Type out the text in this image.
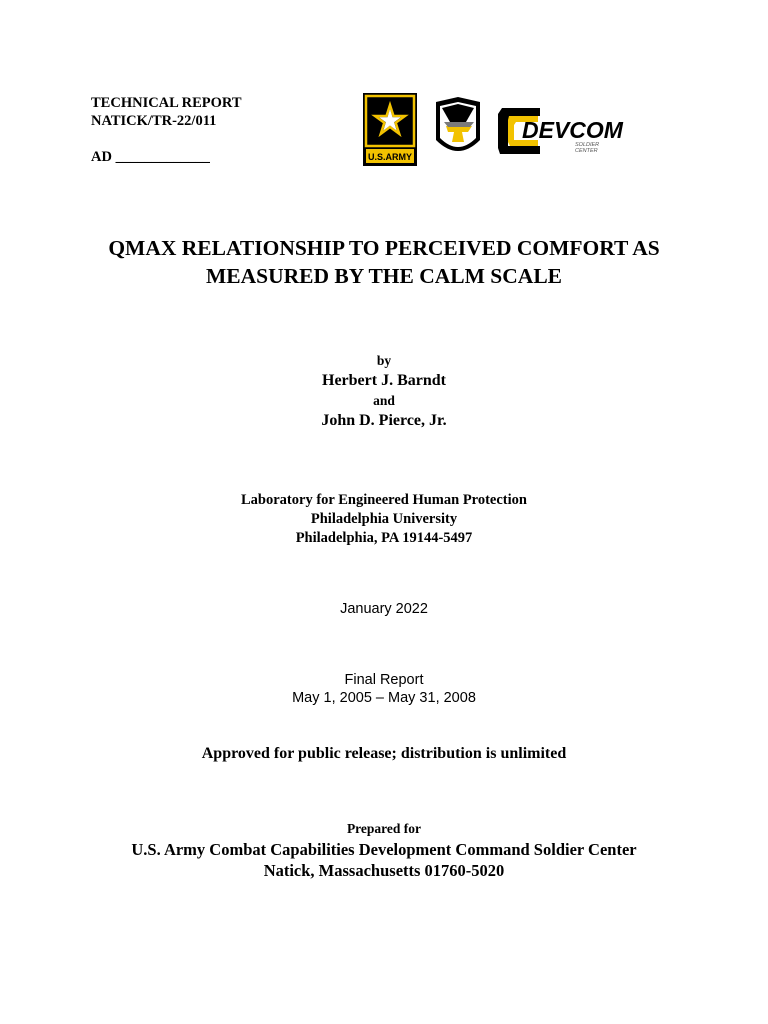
TECHNICAL REPORT
NATICK/TR-22/011
AD _____________	U.S.ARMY
DEVCOM
SOLDIER
CENTER
QMAX RELATIONSHIP TO PERCEIVED COMFORT AS
MEASURED BY THE CALM SCALE
by
Herbert J. Barndt
and
John D. Pierce, Jr.
Laboratory for Engineered Human Protection
Philadelphia University
Philadelphia, PA 19144-5497
January 2022
Final Report
May 1, 2005 – May 31, 2008
Approved for public release; distribution is unlimited
Prepared for
U.S. Army Combat Capabilities Development Command Soldier Center
Natick, Massachusetts 01760-5020
